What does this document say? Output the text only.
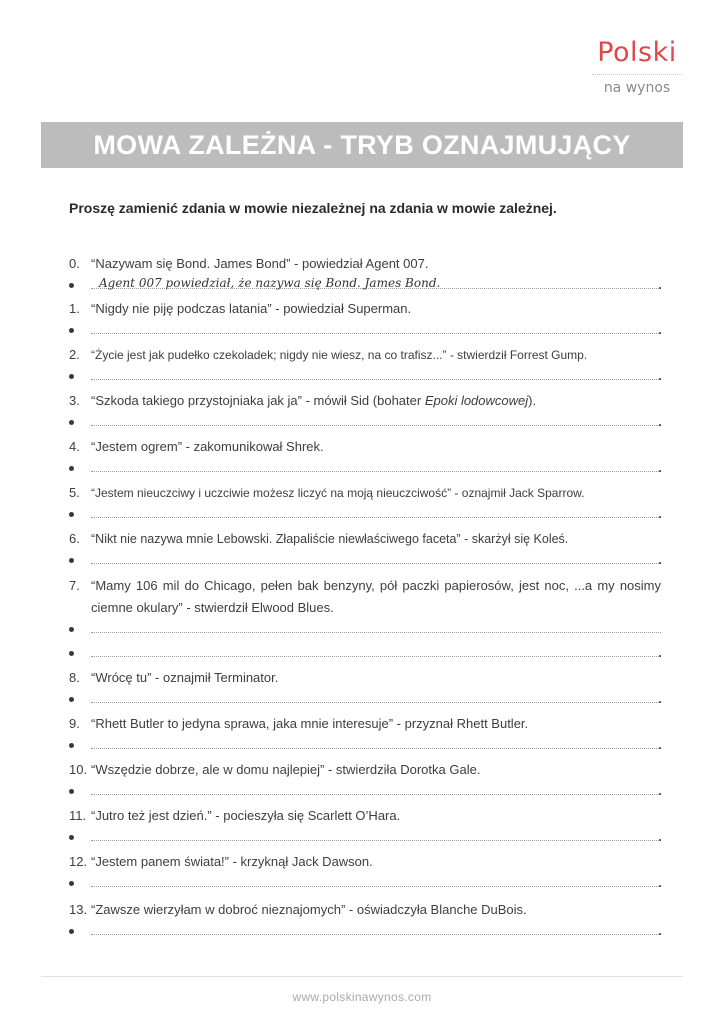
Polski
na wynos
MOWA ZALEŻNA - TRYB OZNAJMUJĄCY
Proszę zamienić zdania w mowie niezależnej na zdania w mowie zależnej.
0. “Nazywam się Bond. James Bond” - powiedział Agent 007.
Agent 007 powiedział, że nazywa się Bond. James Bond.
1. “Nigdy nie piję podczas latania” - powiedział Superman.
2. “Życie jest jak pudełko czekoladek; nigdy nie wiesz, na co trafisz...” - stwierdził Forrest Gump.
3. “Szkoda takiego przystojniaka jak ja” - mówił Sid (bohater Epoki lodowcowej).
4. “Jestem ogrem” - zakomunikował Shrek.
5. “Jestem nieuczciwy i uczciwie możesz liczyć na moją nieuczciwość” - oznajmił Jack Sparrow.
6. “Nikt nie nazywa mnie Lebowski. Złapaliście niewłaściwego faceta” - skarżył się Koleś.
7. “Mamy 106 mil do Chicago, pełen bak benzyny, pół paczki papierosów, jest noc, ...a my nosimy ciemne okulary” - stwierdził Elwood Blues.
8. “Wrócę tu” - oznajmił Terminator.
9. “Rhett Butler to jedyna sprawa, jaka mnie interesuje” - przyznał Rhett Butler.
10. “Wszędzie dobrze, ale w domu najlepiej” - stwierdziła Dorotka Gale.
11. “Jutro też jest dzień.” - pocieszyła się Scarlett O’Hara.
12. “Jestem panem świata!” - krzyknął Jack Dawson.
13. “Zawsze wierzyłam w dobroć nieznajomych” - oświadczyła Blanche DuBois.
www.polskinawynos.com
